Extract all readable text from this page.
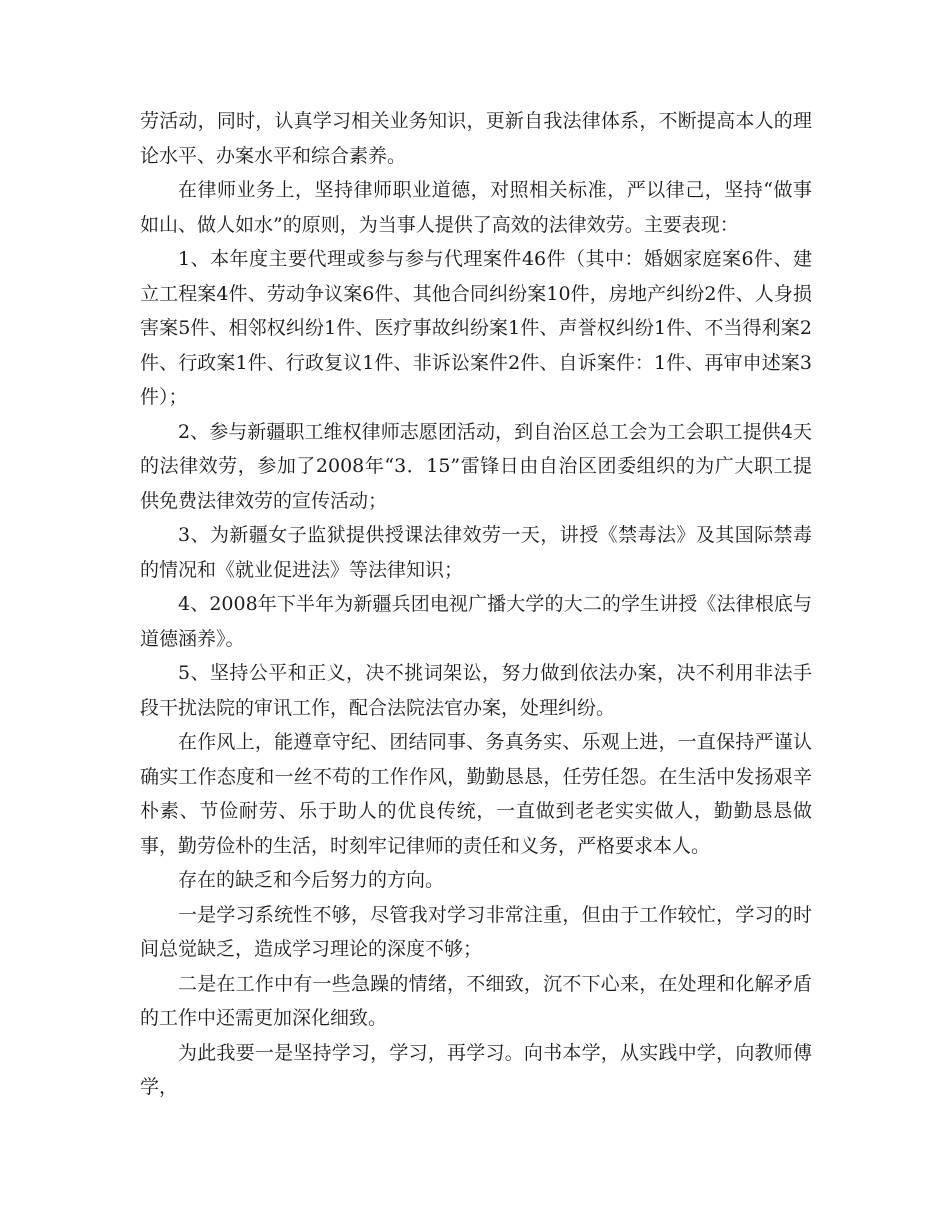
劳活动，同时，认真学习相关业务知识，更新自我法律体系，不断提高本人的理论水平、办案水平和综合素养。

在律师业务上，坚持律师职业道德，对照相关标准，严以律己，坚持“做事如山、做人如水”的原则，为当事人提供了高效的法律效劳。主要表现：

1、本年度主要代理或参与参与代理案件46件（其中：婚姻家庭案6件、建立工程案4件、劳动争议案6件、其他合同纠纷案10件，房地产纠纷2件、人身损害案5件、相邻权纠纷1件、医疗事故纠纷案1件、声誉权纠纷1件、不当得利案2件、行政案1件、行政复议1件、非诉讼案件2件、自诉案件：1件、再审申述案3件）；

2、参与新疆职工维权律师志愿团活动，到自治区总工会为工会职工提供4天的法律效劳，参加了2008年“3．15”雷锋日由自治区团委组织的为广大职工提供免费法律效劳的宣传活动；

3、为新疆女子监狱提供授课法律效劳一天，讲授《禁毒法》及其国际禁毒的情况和《就业促进法》等法律知识；

4、2008年下半年为新疆兵团电视广播大学的大二的学生讲授《法律根底与道德涵养》。

5、坚持公平和正义，决不挑词架讼，努力做到依法办案，决不利用非法手段干扰法院的审讯工作，配合法院法官办案，处理纠纷。

在作风上，能遵章守纪、团结同事、务真务实、乐观上进，一直保持严谨认确实工作态度和一丝不苟的工作作风，勤勤恳恳，任劳任怨。在生活中发扬艰辛朴素、节俭耐劳、乐于助人的优良传统，一直做到老老实实做人，勤勤恳恳做事，勤劳俭朴的生活，时刻牢记律师的责任和义务，严格要求本人。

存在的缺乏和今后努力的方向。

一是学习系统性不够，尽管我对学习非常注重，但由于工作较忙，学习的时间总觉缺乏，造成学习理论的深度不够；

二是在工作中有一些急躁的情绪，不细致，沉不下心来，在处理和化解矛盾的工作中还需更加深化细致。

为此我要一是坚持学习，学习，再学习。向书本学，从实践中学，向教师傅学，
